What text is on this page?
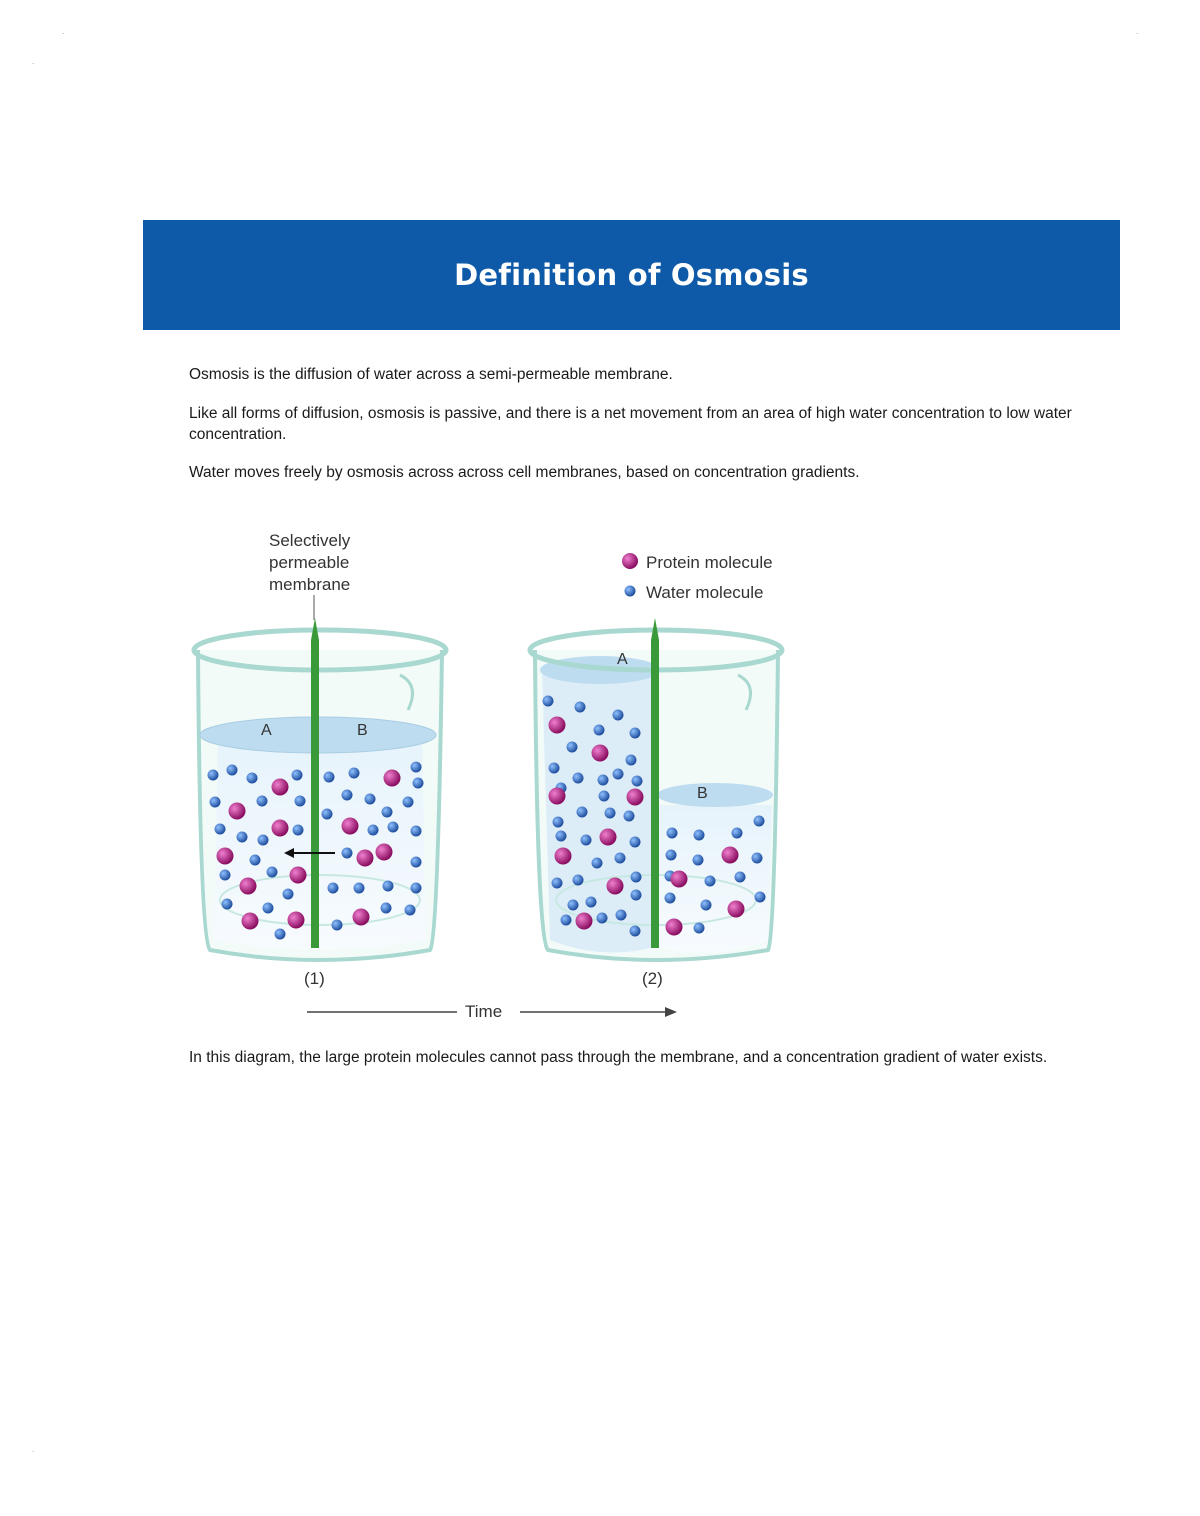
.	.
.
.
Definition of Osmosis

Osmosis is the diffusion of water across a semi-permeable membrane.

Like all forms of diffusion, osmosis is passive, and there is a net movement from an area of high water concentration to low water concentration.

Water moves freely by osmosis across across cell membranes, based on concentration gradients.

Selectively
permeable
membrane
Protein molecule
Water molecule
A	B
A
B
(1)	(2)
Time

In this diagram, the large protein molecules cannot pass through the membrane, and a concentration gradient of water exists.
